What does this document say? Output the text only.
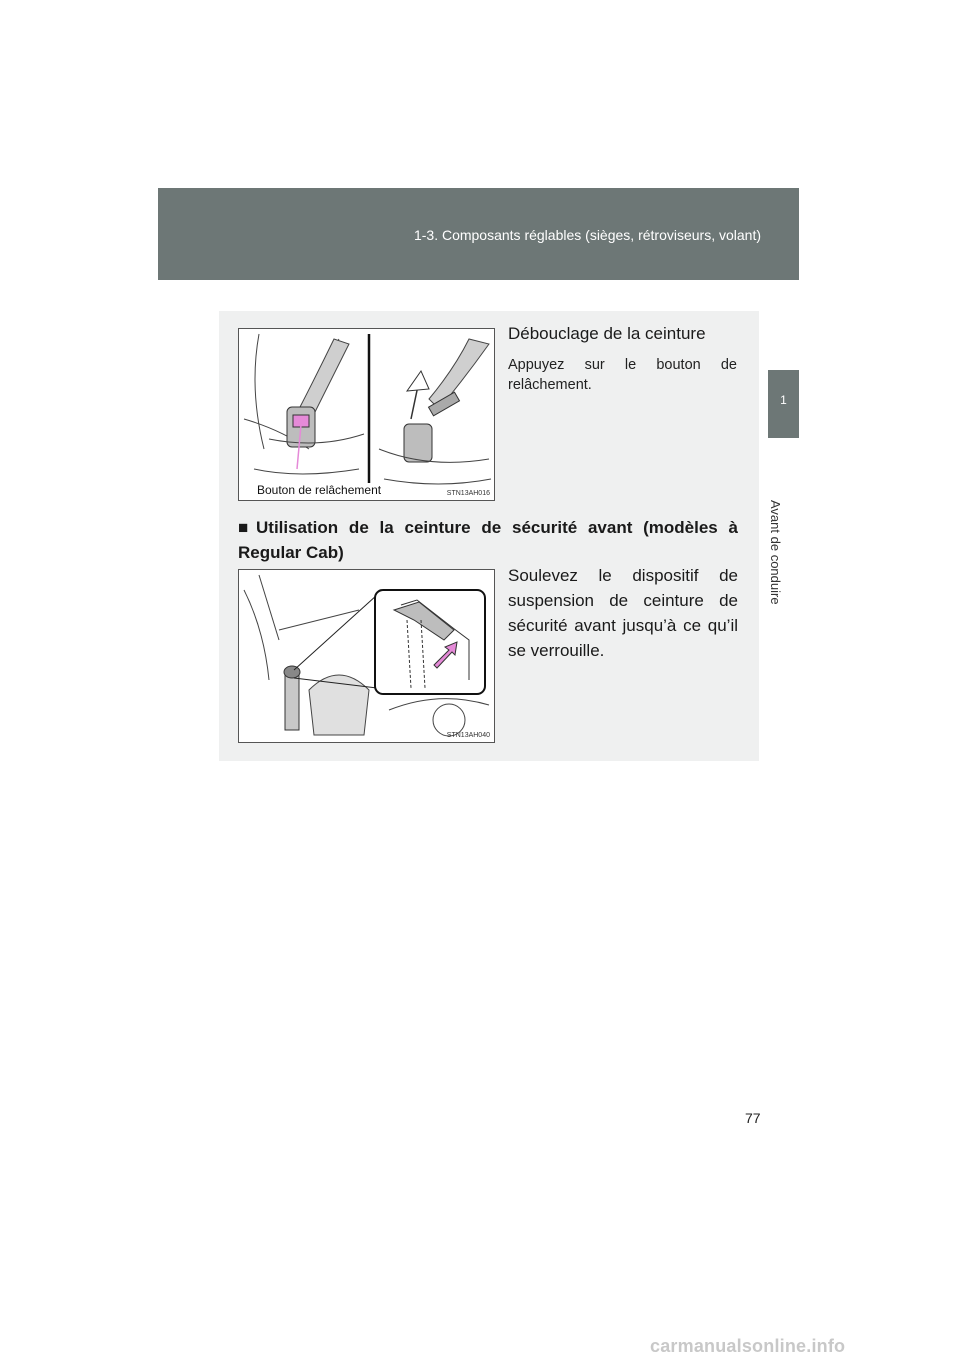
1-3. Composants réglables (sièges, rétroviseurs, volant)
1
Avant de conduire
Bouton de relâchement	STN13AH016
Débouclage de la ceinture
Appuyez sur le bouton de relâchement.
■ Utilisation de la ceinture de sécurité avant (modèles à Regular Cab)
STN13AH040
Soulevez le dispositif de suspension de ceinture de sécurité avant jusqu’à ce qu’il se verrouille.
77
carmanualsonline.info
